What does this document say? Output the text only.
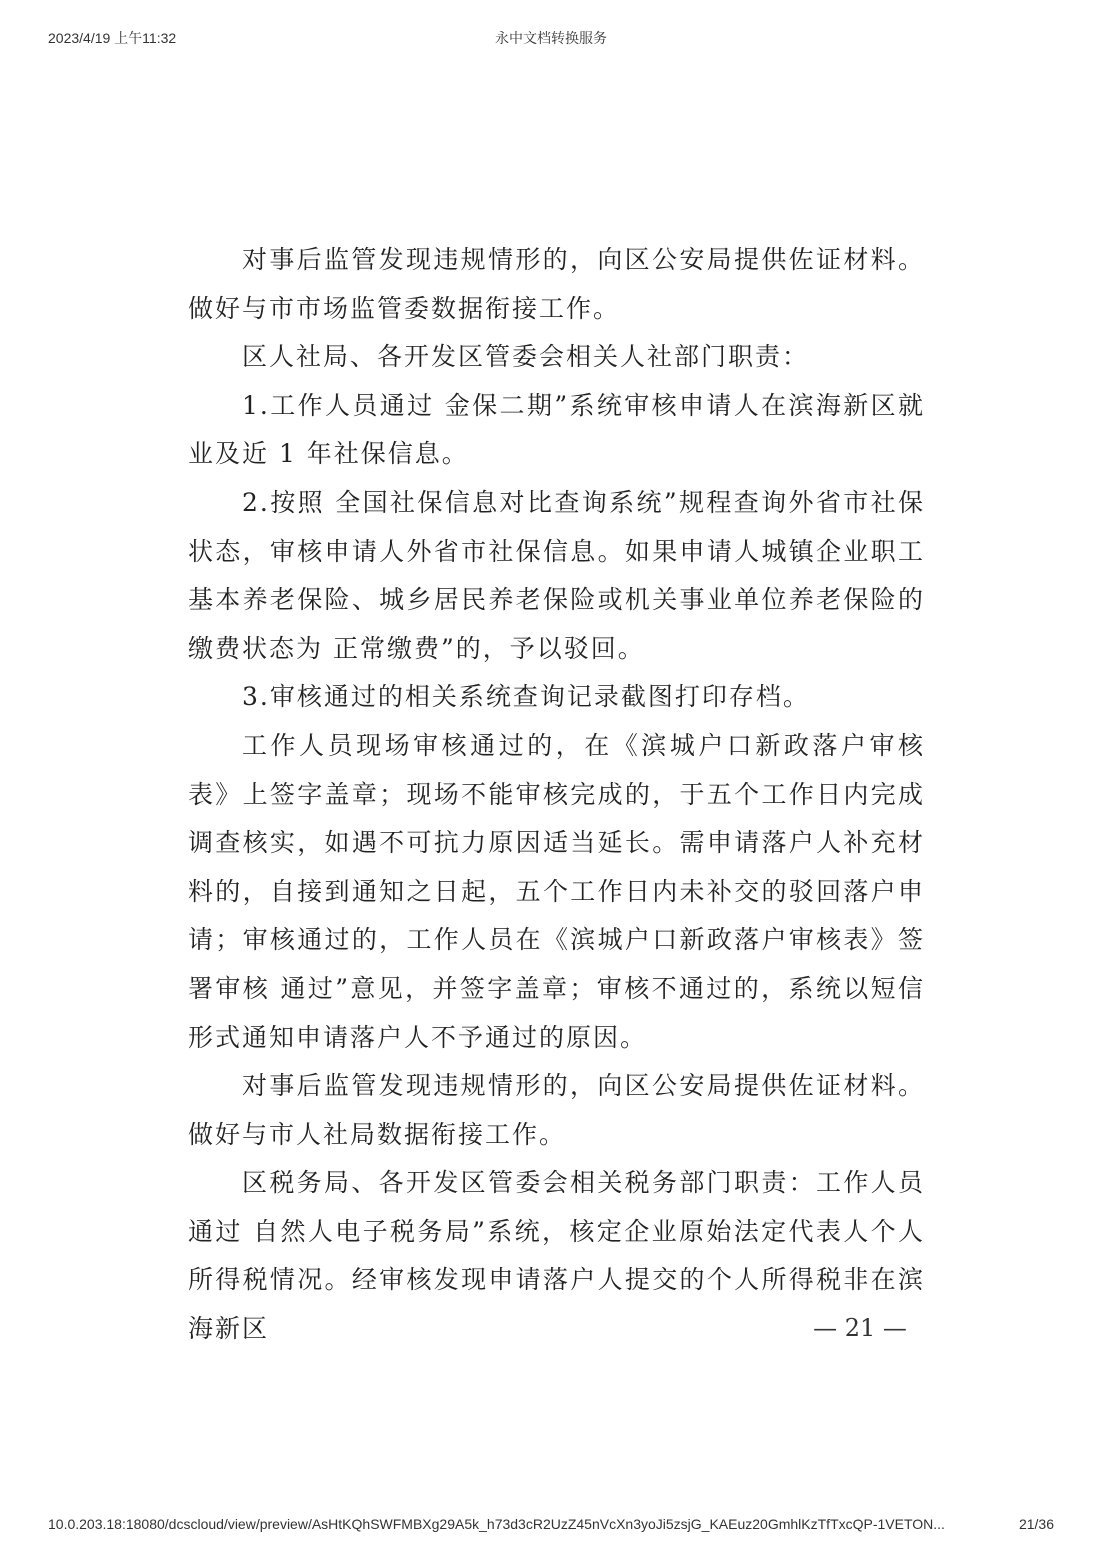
2023/4/19 上午11:32	永中文档转换服务

对事后监管发现违规情形的，向区公安局提供佐证材料。做好与市市场监管委数据衔接工作。

区人社局、各开发区管委会相关人社部门职责：

1.工作人员通过 金保二期”系统审核申请人在滨海新区就业及近 1 年社保信息。

2.按照 全国社保信息对比查询系统”规程查询外省市社保状态，审核申请人外省市社保信息。如果申请人城镇企业职工基本养老保险、城乡居民养老保险或机关事业单位养老保险的缴费状态为 正常缴费”的，予以驳回。

3.审核通过的相关系统查询记录截图打印存档。

工作人员现场审核通过的，在《滨城户口新政落户审核表》上签字盖章；现场不能审核完成的，于五个工作日内完成调查核实，如遇不可抗力原因适当延长。需申请落户人补充材料的，自接到通知之日起，五个工作日内未补交的驳回落户申请；审核通过的，工作人员在《滨城户口新政落户审核表》签署审核 通过”意见，并签字盖章；审核不通过的，系统以短信形式通知申请落户人不予通过的原因。

对事后监管发现违规情形的，向区公安局提供佐证材料。做好与市人社局数据衔接工作。

区税务局、各开发区管委会相关税务部门职责：工作人员通过 自然人电子税务局”系统，核定企业原始法定代表人个人所得税情况。经审核发现申请落户人提交的个人所得税非在滨海新区	— 21 —
10.0.203.18:18080/dcscloud/view/preview/AsHtKQhSWFMBXg29A5k_h73d3cR2UzZ45nVcXn3yoJi5zsjG_KAEuz20GmhlKzTfTxcQP-1VETON...	21/36
